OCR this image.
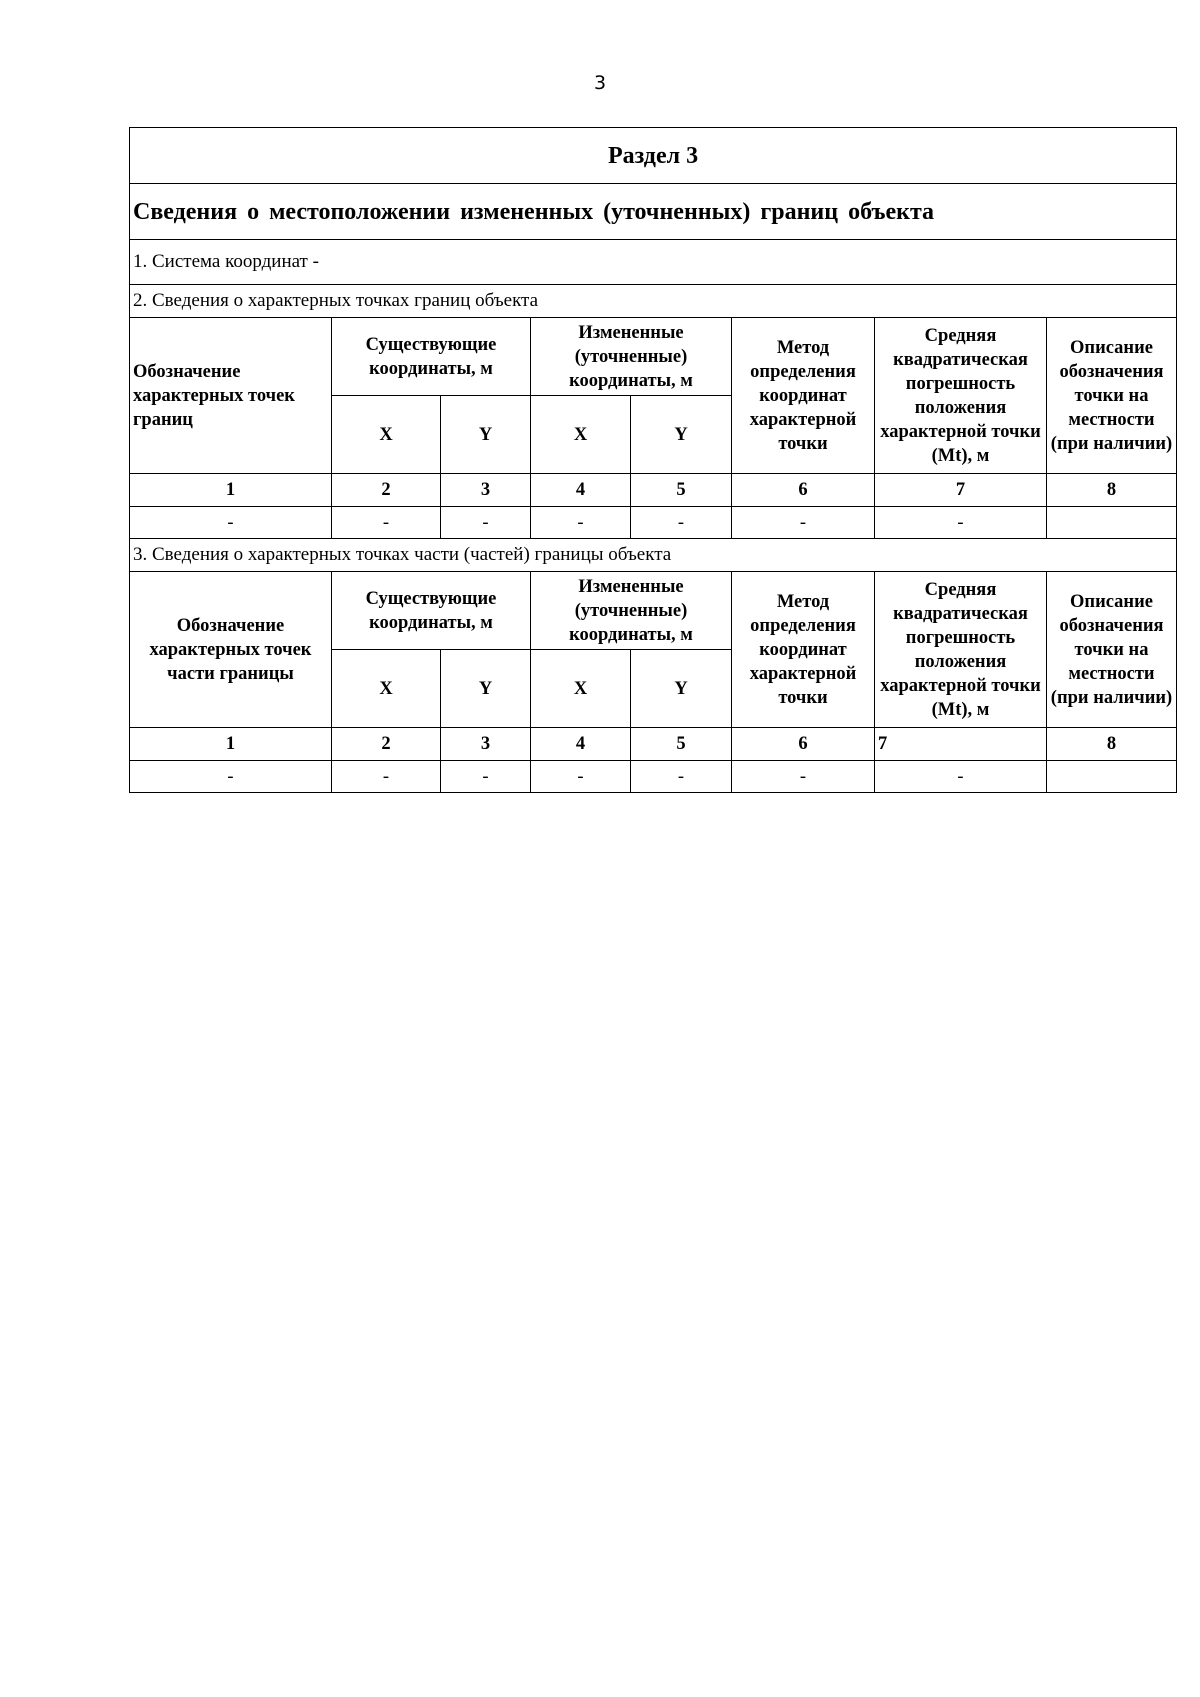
3
Раздел 3							
Сведения о местоположении измененных (уточненных) границ объекта							
1. Система координат -							
2. Сведения о характерных точках границ объекта							
Обозначение характерных точек границ	Существующие координаты, м		Измененные (уточненные) координаты, м		Метод определения координат характерной точки	Средняя квадратическая погрешность положения характерной точки (Mt), м	Описание обозначения точки на местности (при наличии)
	X	Y	X	Y			
1	2	3	4	5	6	7	8
-	-	-	-	-	-	-	
3. Сведения о характерных точках части (частей) границы объекта							
Обозначение характерных точек части границы	Существующие координаты, м		Измененные (уточненные) координаты, м		Метод определения координат характерной точки	Средняя квадратическая погрешность положения характерной точки (Mt), м	Описание обозначения точки на местности (при наличии)
	X	Y	X	Y			
1	2	3	4	5	6	7	8
-	-	-	-	-	-	-	
